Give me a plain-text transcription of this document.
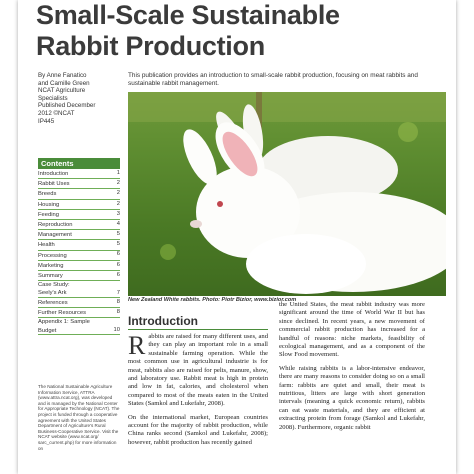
Small-Scale Sustainable
Rabbit Production
By Anne Fanatico
and Camille Green
NCAT Agriculture
Specialists
Published December
2012 ©NCAT
IP445
Contents
Introduction	1
Rabbit Uses	2
Breeds	2
Housing	2
Feeding	3
Reproduction	4
Management	5
Health	5
Processing	6
Marketing	6
Summary	6
Case Study:
Seely's Ark	7
References	8
Further Resources	8
Appendix 1: Sample
Budget	10
The National Sustainable Agriculture Information Service, ATTRA (www.attra.ncat.org), was developed and is managed by the National Center for Appropriate Technology (NCAT). The project is funded through a cooperative agreement with the United States Department of Agriculture's Rural Business-Cooperative Service. Visit the NCAT website (www.ncat.org/ sarc_current.php) for more information on
This publication provides an introduction to small-scale rabbit production, focusing on meat rabbits and sustainable rabbit management.
New Zealand White rabbits. Photo: Piotr Bizior, www.bizior.com
Introduction

Rabbits are raised for many different uses, and they can play an important role in a small sustainable farming operation. While the most common use in agricultural industrie is for meat, rabbits also are raised for pelts, manure, show, and laboratory use. Rabbit meat is high in protein and low in fat, calories, and cholesterol when compared to most of the meats eaten in the United States (Samkol and Lukefahr, 2008).

On the international market, European countries account for the majority of rabbit production, while China ranks second (Samkol and Lukefahr, 2008); however, rabbit production has recently gained

the United States, the meat rabbit industry was more significant around the time of World War II but has since declined. In recent years, a new movement of commercial rabbit production has increased for a handful of reasons: niche markets, feasibility of ecological management, and as a component of the Slow Food movement.

While raising rabbits is a labor-intensive endeavor, there are many reasons to consider doing so on a small farm: rabbits are quiet and small, their meat is nutritious, litters are large with short generation intervals (meaning a quick economic return), rabbits can eat waste materials, and they are efficient at extracting protein from forage (Samkol and Lukefahr, 2008). Furthermore, organic rabbit
